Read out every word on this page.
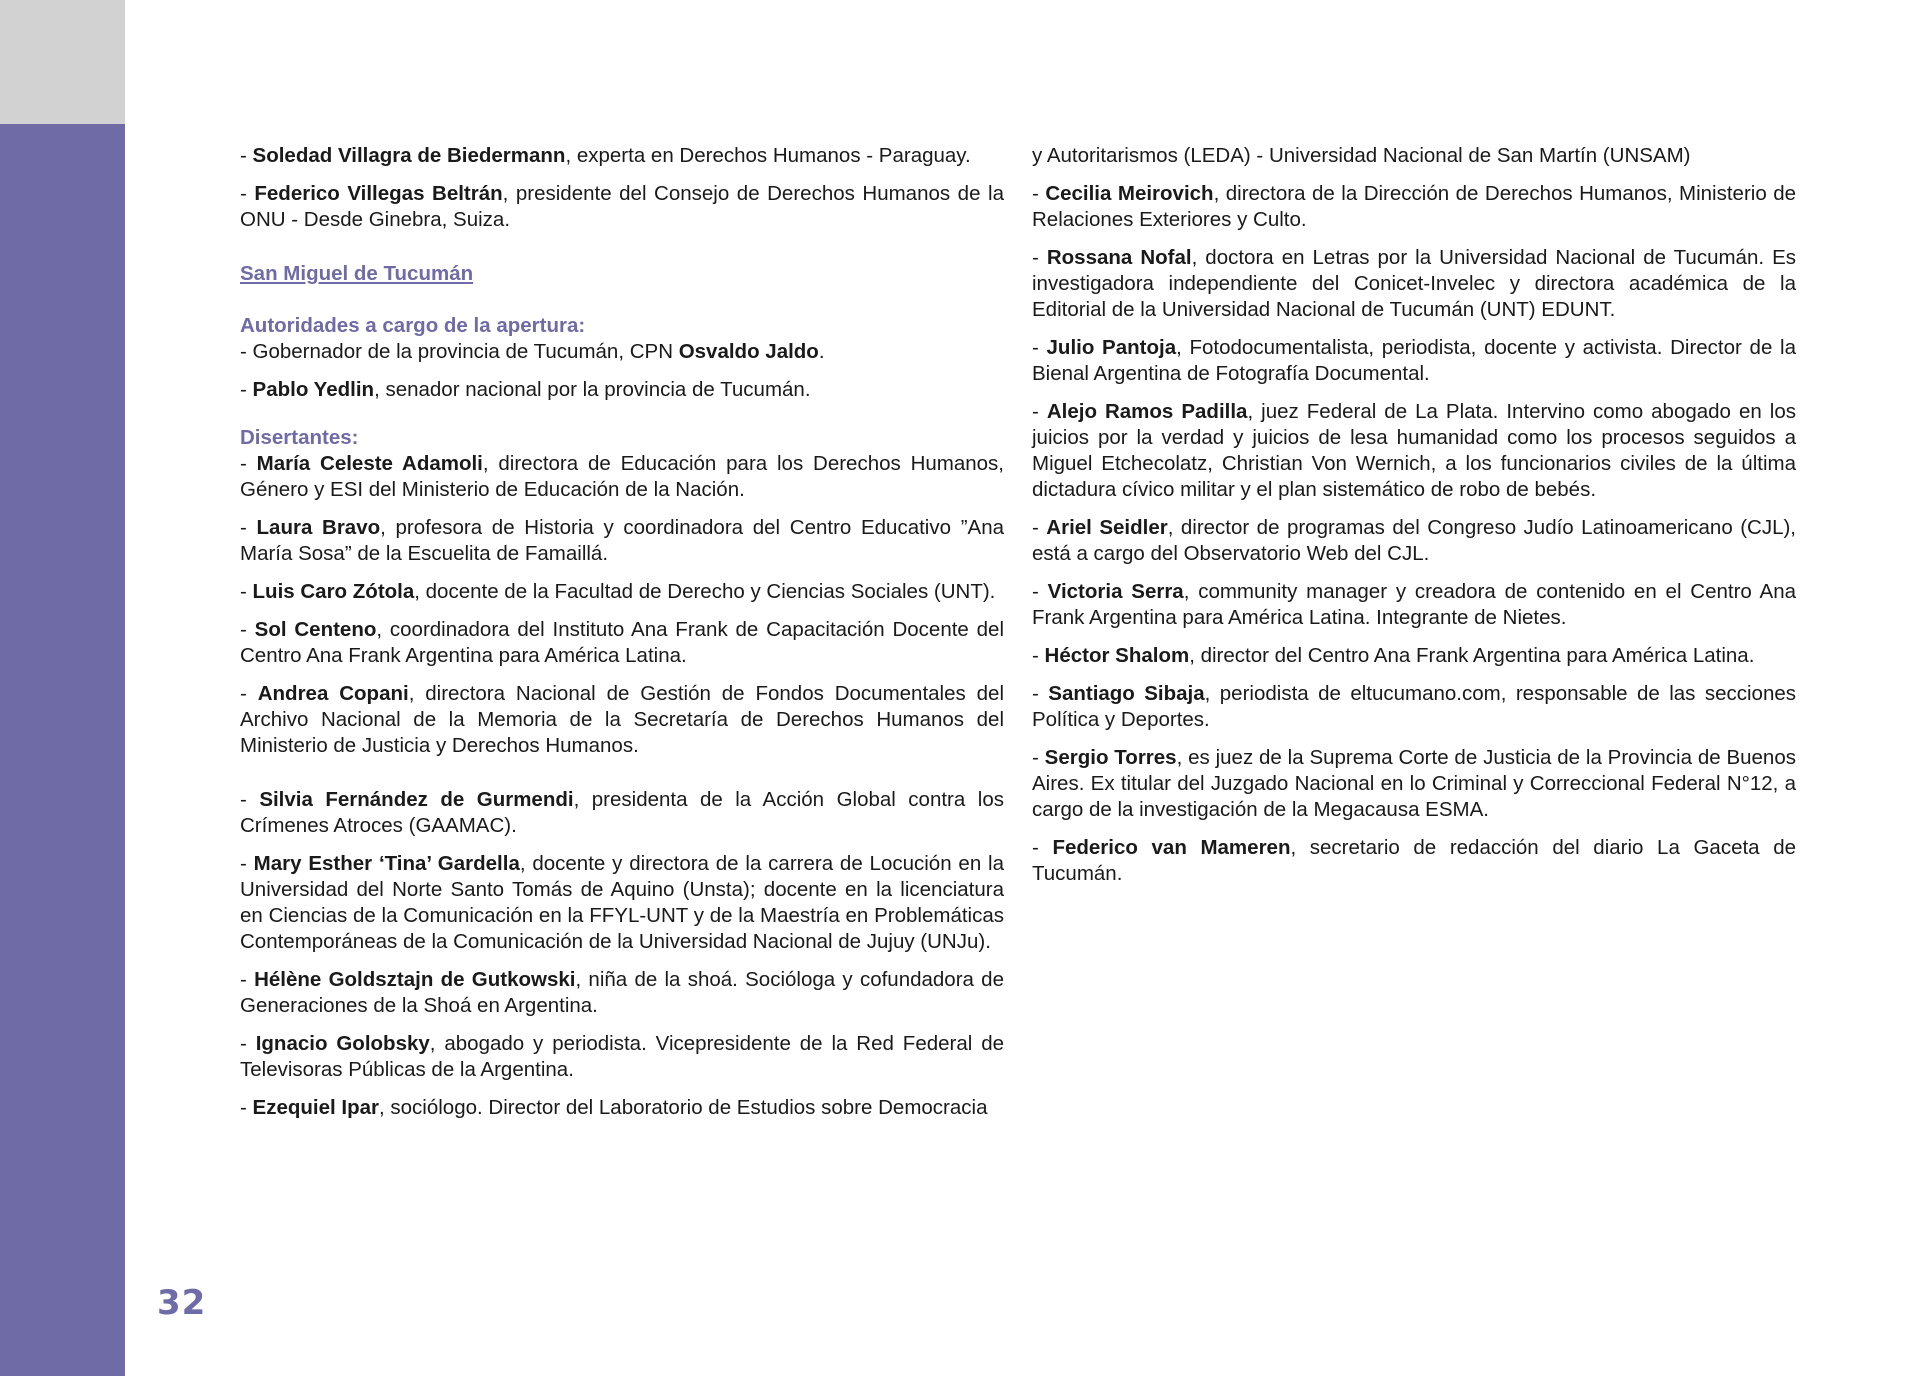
32

- Soledad Villagra de Biedermann, experta en Derechos Humanos - Paraguay.

- Federico Villegas Beltrán, presidente del Consejo de Derechos Humanos de la ONU - Desde Ginebra, Suiza.

San Miguel de Tucumán

Autoridades a cargo de la apertura:

- Gobernador de la provincia de Tucumán, CPN Osvaldo Jaldo.

- Pablo Yedlin, senador nacional por la provincia de Tucumán.

Disertantes:

- María Celeste Adamoli, directora de Educación para los Derechos Humanos, Género y ESI del Ministerio de Educación de la Nación.

- Laura Bravo, profesora de Historia y coordinadora del Centro Educativo ”Ana María Sosa” de la Escuelita de Famaillá.

- Luis Caro Zótola, docente de la Facultad de Derecho y Ciencias Sociales (UNT).

- Sol Centeno, coordinadora del Instituto Ana Frank de Capacitación Docente del Centro Ana Frank Argentina para América Latina.

- Andrea Copani, directora Nacional de Gestión de Fondos Documentales del Archivo Nacional de la Memoria de la Secretaría de Derechos Humanos del Ministerio de Justicia y Derechos Humanos.

- Silvia Fernández de Gurmendi, presidenta de la Acción Global contra los Crímenes Atroces (GAAMAC).

- Mary Esther ‘Tina’ Gardella, docente y directora de la carrera de Locución en la Universidad del Norte Santo Tomás de Aquino (Unsta); docente en la licenciatura en Ciencias de la Comunicación en la FFYL-UNT y de la Maestría en Problemáticas Contemporáneas de la Comunicación de la Universidad Nacional de Jujuy (UNJu).

- Hélène Goldsztajn de Gutkowski, niña de la shoá. Socióloga y cofundadora de Generaciones de la Shoá en Argentina.

- Ignacio Golobsky, abogado y periodista. Vicepresidente de la Red Federal de Televisoras Públicas de la Argentina.

- Ezequiel Ipar, sociólogo. Director del Laboratorio de Estudios sobre Democracia

y Autoritarismos (LEDA) - Universidad Nacional de San Martín (UNSAM)

- Cecilia Meirovich, directora de la Dirección de Derechos Humanos, Ministerio de Relaciones Exteriores y Culto.

- Rossana Nofal, doctora en Letras por la Universidad Nacional de Tucumán. Es investigadora independiente del Conicet-Invelec y directora académica de la Editorial de la Universidad Nacional de Tucumán (UNT) EDUNT.

- Julio Pantoja, Fotodocumentalista, periodista, docente y activista. Director de la Bienal Argentina de Fotografía Documental.

- Alejo Ramos Padilla, juez Federal de La Plata. Intervino como abogado en los juicios por la verdad y juicios de lesa humanidad como los procesos seguidos a Miguel Etchecolatz, Christian Von Wernich, a los funcionarios civiles de la última dictadura cívico militar y el plan sistemático de robo de bebés.

- Ariel Seidler, director de programas del Congreso Judío Latinoamericano (CJL), está a cargo del Observatorio Web del CJL.

- Victoria Serra, community manager y creadora de contenido en el Centro Ana Frank Argentina para América Latina. Integrante de Nietes.

- Héctor Shalom, director del Centro Ana Frank Argentina para América Latina.

- Santiago Sibaja, periodista de eltucumano.com, responsable de las secciones Política y Deportes.

- Sergio Torres, es juez de la Suprema Corte de Justicia de la Provincia de Buenos Aires. Ex titular del Juzgado Nacional en lo Criminal y Correccional Federal N°12, a cargo de la investigación de la Megacausa ESMA.

- Federico van Mameren, secretario de redacción del diario La Gaceta de Tucumán.
